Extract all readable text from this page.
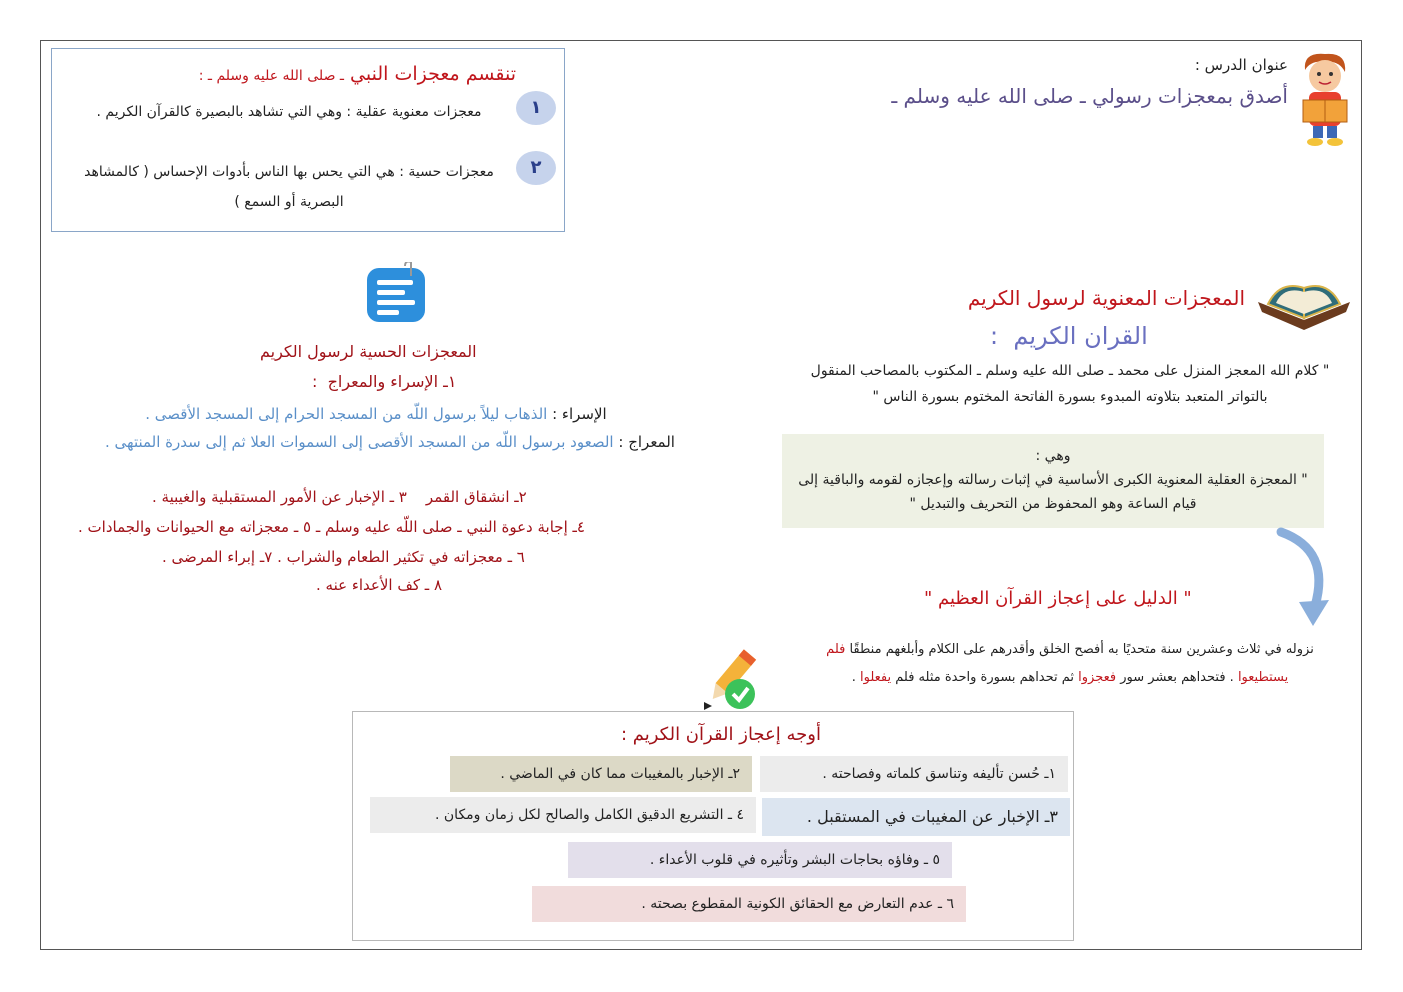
عنوان الدرس :
أصدق بمعجزات رسولي ـ صلى الله عليه وسلم ـ
تنقسم معجزات النبي ـ صلى الله عليه وسلم ـ :
١
معجزات معنوية عقلية : وهي التي تشاهد بالبصيرة كالقرآن الكريم .
٢
معجزات حسية : هي التي يحس بها الناس بأدوات الإحساس ( كالمشاهد البصرية أو السمع )
المعجزات المعنوية لرسول الكريم
القران الكريم  :
" كلام الله المعجز المنزل على محمد ـ صلى الله عليه وسلم ـ المكتوب بالمصاحب المنقول بالتواتر المتعبد بتلاوته المبدوء بسورة الفاتحة المختوم بسورة الناس "
وهي :
" المعجزة العقلية المعنوية الكبرى الأساسية في إثبات رسالته وإعجازه لقومه والباقية إلى قيام الساعة وهو المحفوظ من التحريف والتبديل "
" الدليل على إعجاز القرآن العظيم "
نزوله في ثلاث وعشرين سنة متحديًا به أفصح الخلق وأقدرهم على الكلام وأبلغهم منطقًا فلم يستطيعوا . فتحداهم بعشر سور فعجزوا ثم تحداهم بسورة واحدة مثله فلم يفعلوا .
المعجزات الحسية لرسول الكريم
١ـ الإسراء والمعراج  :
الإسراء : الذهاب ليلاً برسول اللّه من المسجد الحرام إلى المسجد الأقصى .
المعراج : الصعود برسول اللّه من المسجد الأقصى إلى السموات العلا ثم إلى سدرة المنتهى .
٢ـ انشقاق القمر    ٣ ـ الإخبار عن الأمور المستقبلية والغيبية .
٤ـ إجابة دعوة النبي ـ صلى اللّه عليه وسلم ـ ٥ ـ معجزاته مع الحيوانات والجمادات .
٦ ـ معجزاته في تكثير الطعام والشراب . ٧ـ إبراء المرضى .
٨ ـ كف الأعداء عنه .
أوجه إعجاز القرآن الكريم :
١ـ حُسن تأليفه وتناسق كلماته وفصاحته .
٢ـ الإخبار بالمغيبات مما كان في الماضي .
٣ـ الإخبار عن المغيبات في المستقبل .
٤ ـ التشريع الدقيق الكامل والصالح لكل زمان ومكان .
٥ ـ وفاؤه بحاجات البشر وتأثيره في قلوب الأعداء .
٦ ـ عدم التعارض مع الحقائق الكونية المقطوع بصحته .
